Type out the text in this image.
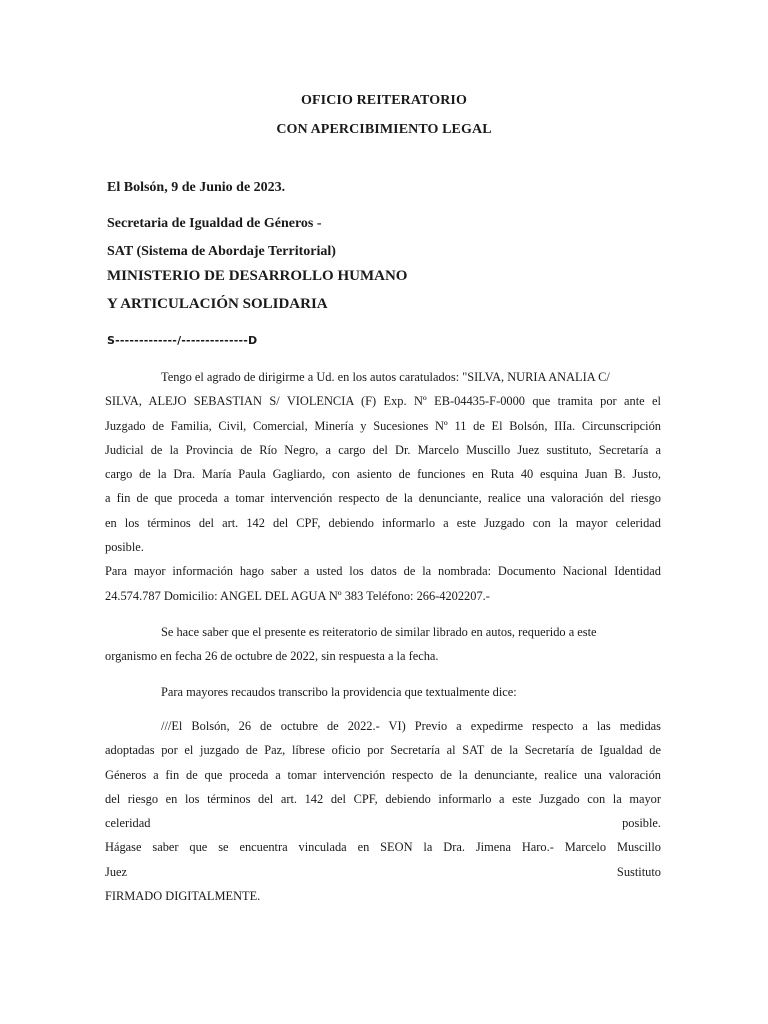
OFICIO REITERATORIO
CON APERCIBIMIENTO LEGAL
El Bolsón, 9 de Junio de 2023.
Secretaria de Igualdad de Géneros -
SAT (Sistema de Abordaje Territorial)
MINISTERIO DE DESARROLLO HUMANO
Y ARTICULACIÓN SOLIDARIA
S-------------/--------------D
Tengo el agrado de dirigirme a Ud. en los autos caratulados: "SILVA, NURIA ANALIA C/
SILVA, ALEJO SEBASTIAN S/ VIOLENCIA (F) Exp. Nº EB-04435-F-0000 que tramita por ante el
Juzgado de Familia, Civil, Comercial, Minería y Sucesiones Nº 11 de El Bolsón, IIIa. Circunscripción
Judicial de la Provincia de Río Negro, a cargo del Dr. Marcelo Muscillo Juez sustituto, Secretaría a
cargo de la Dra. María Paula Gagliardo, con asiento de funciones en Ruta 40 esquina Juan B. Justo,
a fin de que proceda a tomar intervención respecto de la denunciante, realice una valoración del riesgo
en los términos del art. 142 del CPF, debiendo informarlo a este Juzgado con la mayor celeridad
posible.
Para mayor información hago saber a usted los datos de la nombrada: Documento Nacional Identidad
24.574.787 Domicilio: ANGEL DEL AGUA Nº 383 Teléfono: 266-4202207.-
Se hace saber que el presente es reiteratorio de similar librado en autos, requerido a este
organismo en fecha 26 de octubre de 2022, sin respuesta a la fecha.
Para mayores recaudos transcribo la providencia que textualmente dice:
///El Bolsón, 26 de octubre de 2022.- VI) Previo a expedirme respecto a las medidas
adoptadas por el juzgado de Paz, líbrese oficio por Secretaría al SAT de la Secretaría de Igualdad de
Géneros a fin de que proceda a tomar intervención respecto de la denunciante, realice una valoración
del riesgo en los términos del art. 142 del CPF, debiendo informarlo a este Juzgado con la mayor
celeridad posible.
Hágase saber que se encuentra vinculada en SEON la Dra. Jimena Haro.- Marcelo Muscillo
Juez Sustituto
FIRMADO DIGITALMENTE.
